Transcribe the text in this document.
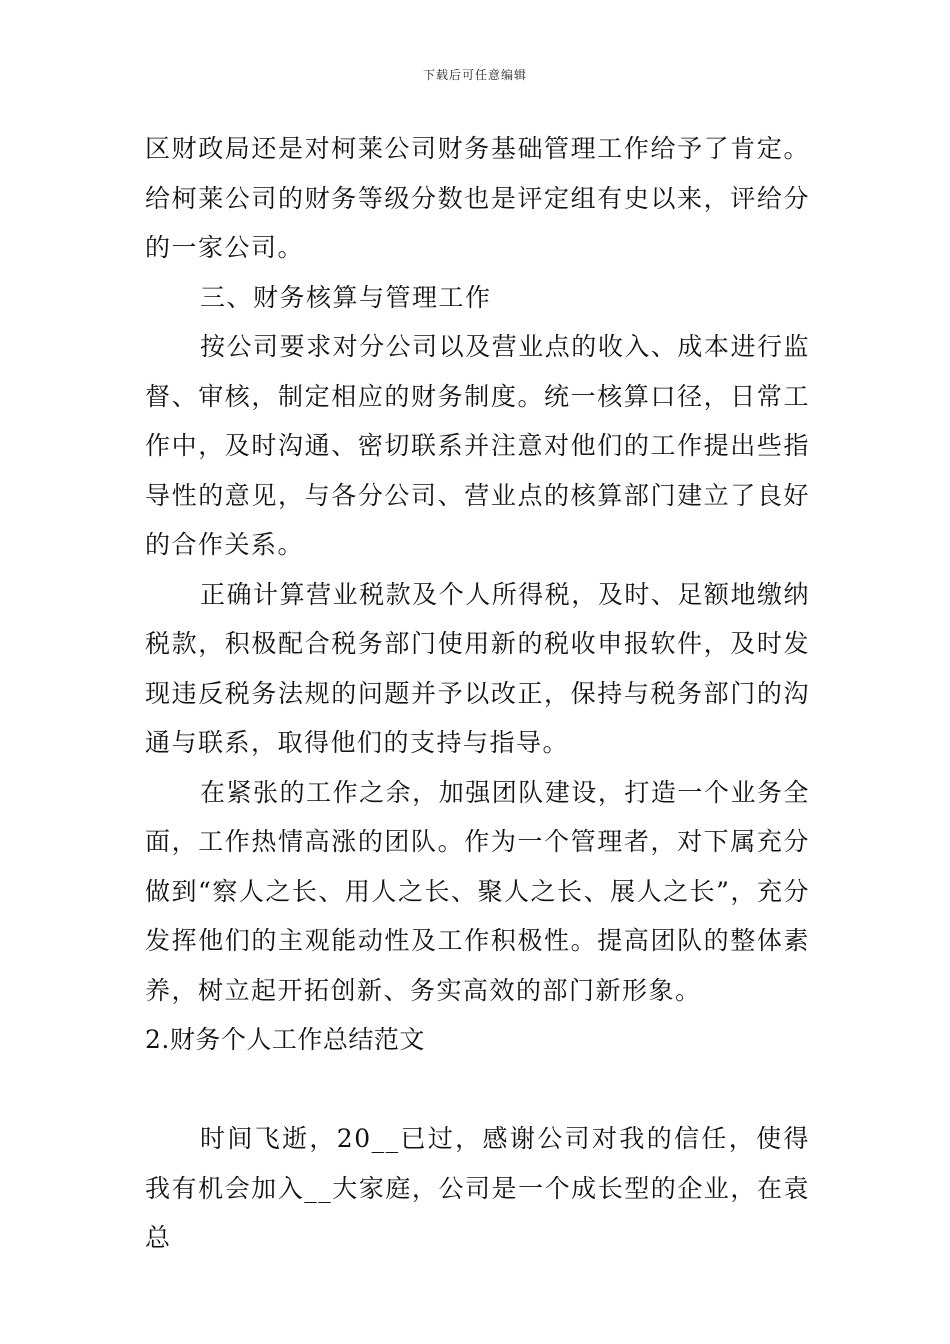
下载后可任意编辑

区财政局还是对柯莱公司财务基础管理工作给予了肯定。给柯莱公司的财务等级分数也是评定组有史以来，评给分的一家公司。

三、财务核算与管理工作

按公司要求对分公司以及营业点的收入、成本进行监督、审核，制定相应的财务制度。统一核算口径，日常工作中，及时沟通、密切联系并注意对他们的工作提出些指导性的意见，与各分公司、营业点的核算部门建立了良好的合作关系。

正确计算营业税款及个人所得税，及时、足额地缴纳税款，积极配合税务部门使用新的税收申报软件，及时发现违反税务法规的问题并予以改正，保持与税务部门的沟通与联系，取得他们的支持与指导。

在紧张的工作之余，加强团队建设，打造一个业务全面，工作热情高涨的团队。作为一个管理者，对下属充分做到“察人之长、用人之长、聚人之长、展人之长”，充分发挥他们的主观能动性及工作积极性。提高团队的整体素养，树立起开拓创新、务实高效的部门新形象。

2.财务个人工作总结范文

时间飞逝，20__已过，感谢公司对我的信任，使得我有机会加入__大家庭，公司是一个成长型的企业，在袁总
